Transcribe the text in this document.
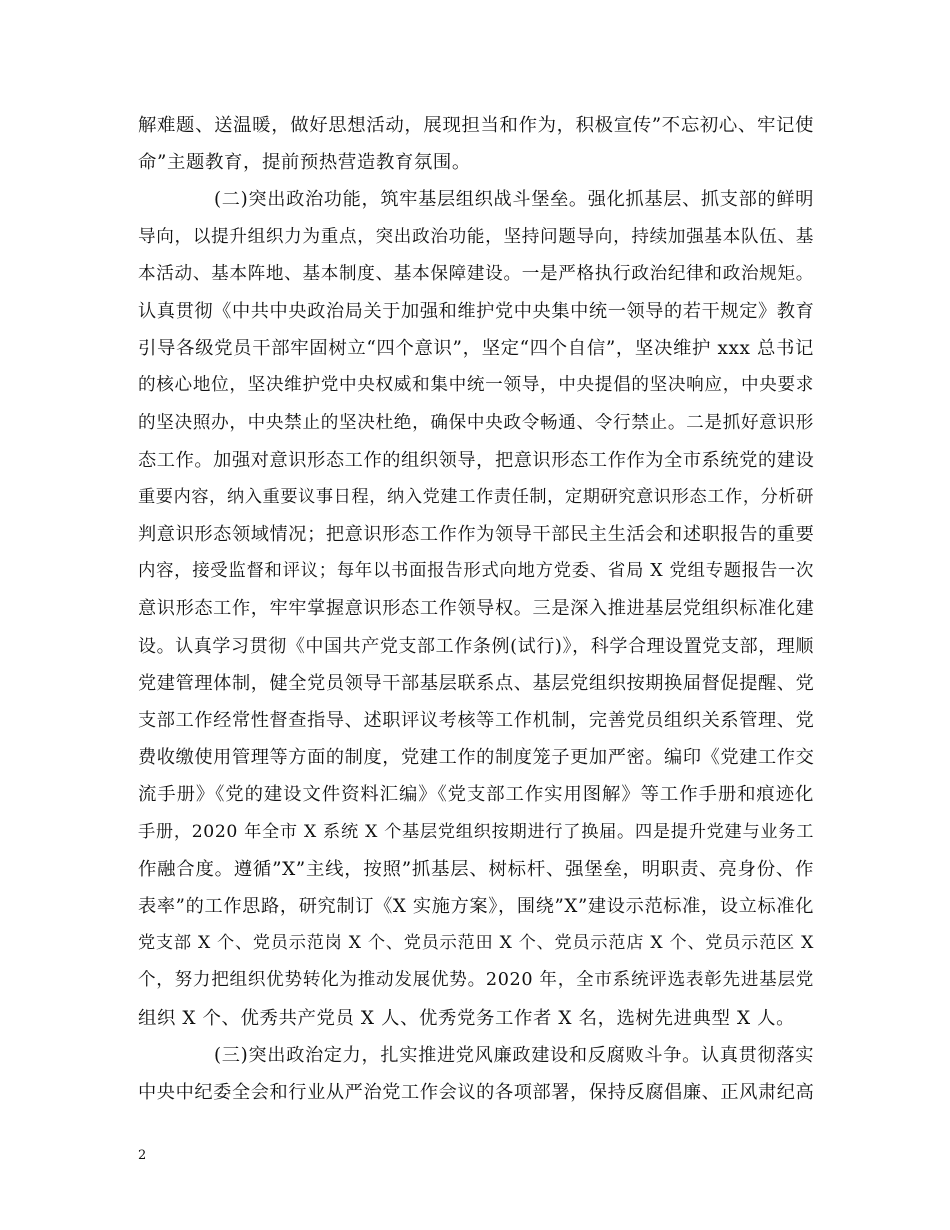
解难题、送温暖，做好思想活动，展现担当和作为，积极宣传”不忘初心、牢记使
命”主题教育，提前预热营造教育氛围。
(二)突出政治功能，筑牢基层组织战斗堡垒。强化抓基层、抓支部的鲜明
导向，以提升组织力为重点，突出政治功能，坚持问题导向，持续加强基本队伍、基
本活动、基本阵地、基本制度、基本保障建设。一是严格执行政治纪律和政治规矩。
认真贯彻《中共中央政治局关于加强和维护党中央集中统一领导的若干规定》教育
引导各级党员干部牢固树立“四个意识”，坚定“四个自信”，坚决维护 xxx 总书记
的核心地位，坚决维护党中央权威和集中统一领导，中央提倡的坚决响应，中央要求
的坚决照办，中央禁止的坚决杜绝，确保中央政令畅通、令行禁止。二是抓好意识形
态工作。加强对意识形态工作的组织领导，把意识形态工作作为全市系统党的建设
重要内容，纳入重要议事日程，纳入党建工作责任制，定期研究意识形态工作，分析研
判意识形态领域情况；把意识形态工作作为领导干部民主生活会和述职报告的重要
内容，接受监督和评议；每年以书面报告形式向地方党委、省局 X 党组专题报告一次
意识形态工作，牢牢掌握意识形态工作领导权。三是深入推进基层党组织标准化建
设。认真学习贯彻《中国共产党支部工作条例(试行)》，科学合理设置党支部，理顺
党建管理体制，健全党员领导干部基层联系点、基层党组织按期换届督促提醒、党
支部工作经常性督查指导、述职评议考核等工作机制，完善党员组织关系管理、党
费收缴使用管理等方面的制度，党建工作的制度笼子更加严密。编印《党建工作交
流手册》《党的建设文件资料汇编》《党支部工作实用图解》等工作手册和痕迹化
手册，2020 年全市 X 系统 X 个基层党组织按期进行了换届。四是提升党建与业务工
作融合度。遵循”X”主线，按照”抓基层、树标杆、强堡垒，明职责、亮身份、作
表率”的工作思路，研究制订《X 实施方案》，围绕”X”建设示范标准，设立标准化
党支部 X 个、党员示范岗 X 个、党员示范田 X 个、党员示范店 X 个、党员示范区 X
个，努力把组织优势转化为推动发展优势。2020 年，全市系统评选表彰先进基层党
组织 X 个、优秀共产党员 X 人、优秀党务工作者 X 名，选树先进典型 X 人。
(三)突出政治定力，扎实推进党风廉政建设和反腐败斗争。认真贯彻落实
中央中纪委全会和行业从严治党工作会议的各项部署，保持反腐倡廉、正风肃纪高
2
